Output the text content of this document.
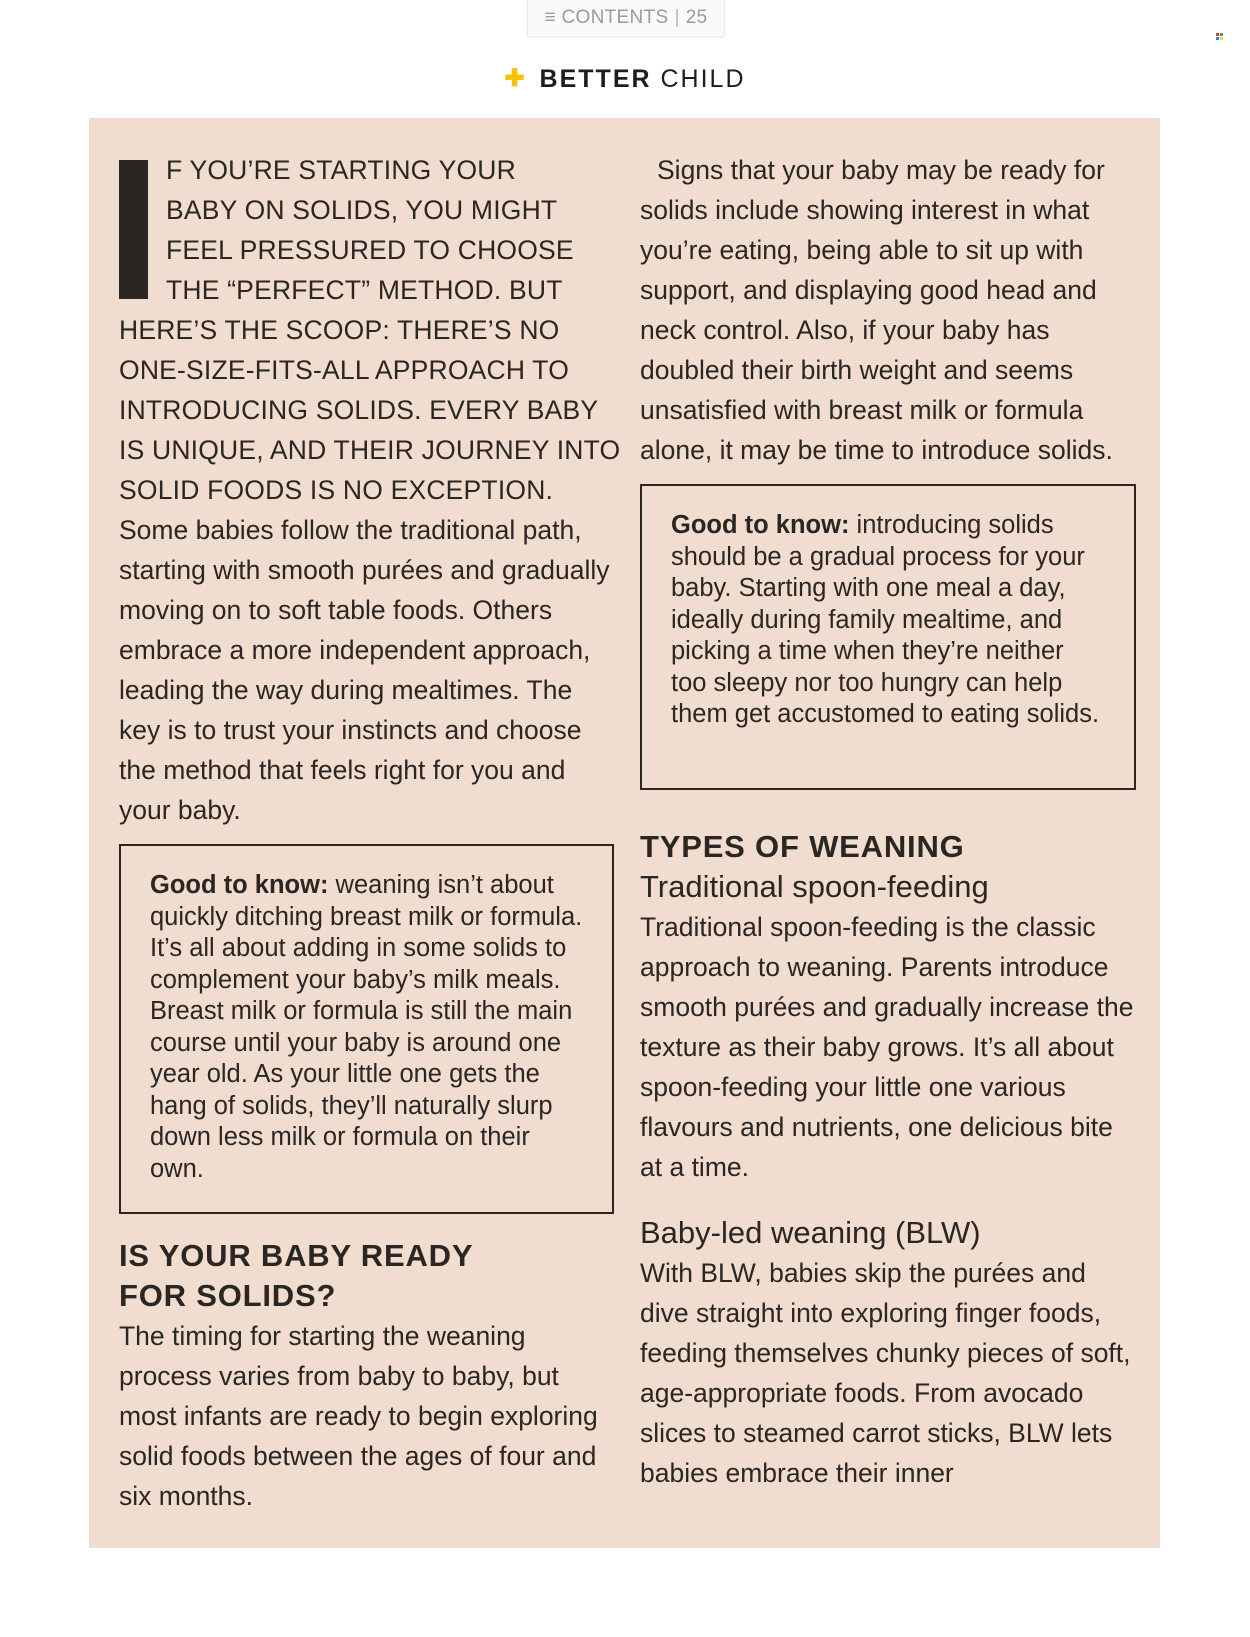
≡ CONTENTS | 25
✚ BETTER CHILD

F YOU’RE STARTING YOUR
BABY ON SOLIDS, YOU MIGHT
FEEL PRESSURED TO CHOOSE
THE “PERFECT” METHOD. BUT
HERE’S THE SCOOP: THERE’S NO
ONE-SIZE-FITS-ALL APPROACH TO
INTRODUCING SOLIDS. EVERY BABY
IS UNIQUE, AND THEIR JOURNEY INTO
SOLID FOODS IS NO EXCEPTION.

Some babies follow the traditional path, starting with smooth purées and gradually moving on to soft table foods. Others embrace a more independent approach, leading the way during mealtimes. The key is to trust your instincts and choose the method that feels right for you and your baby.

Good to know: weaning isn’t about quickly ditching breast milk or formula. It’s all about adding in some solids to complement your baby’s milk meals. Breast milk or formula is still the main course until your baby is around one year old. As your little one gets the hang of solids, they’ll naturally slurp down less milk or formula on their own.
IS YOUR BABY READY
FOR SOLIDS?

The timing for starting the weaning process varies from baby to baby, but most infants are ready to begin exploring solid foods between the ages of four and six months.

Signs that your baby may be ready for solids include showing interest in what you’re eating, being able to sit up with support, and displaying good head and neck control. Also, if your baby has doubled their birth weight and seems unsatisfied with breast milk or formula alone, it may be time to introduce solids.

Good to know: introducing solids should be a gradual process for your baby. Starting with one meal a day, ideally during family mealtime, and picking a time when they’re neither too sleepy nor too hungry can help them get accustomed to eating solids.
TYPES OF WEANING
Traditional spoon-feeding

Traditional spoon-feeding is the classic approach to weaning. Parents introduce smooth purées and gradually increase the texture as their baby grows. It’s all about spoon-feeding your little one various flavours and nutrients, one delicious bite at a time.

Baby-led weaning (BLW)

With BLW, babies skip the purées and dive straight into exploring finger foods, feeding themselves chunky pieces of soft, age-appropriate foods. From avocado slices to steamed carrot sticks, BLW lets babies embrace their inner
